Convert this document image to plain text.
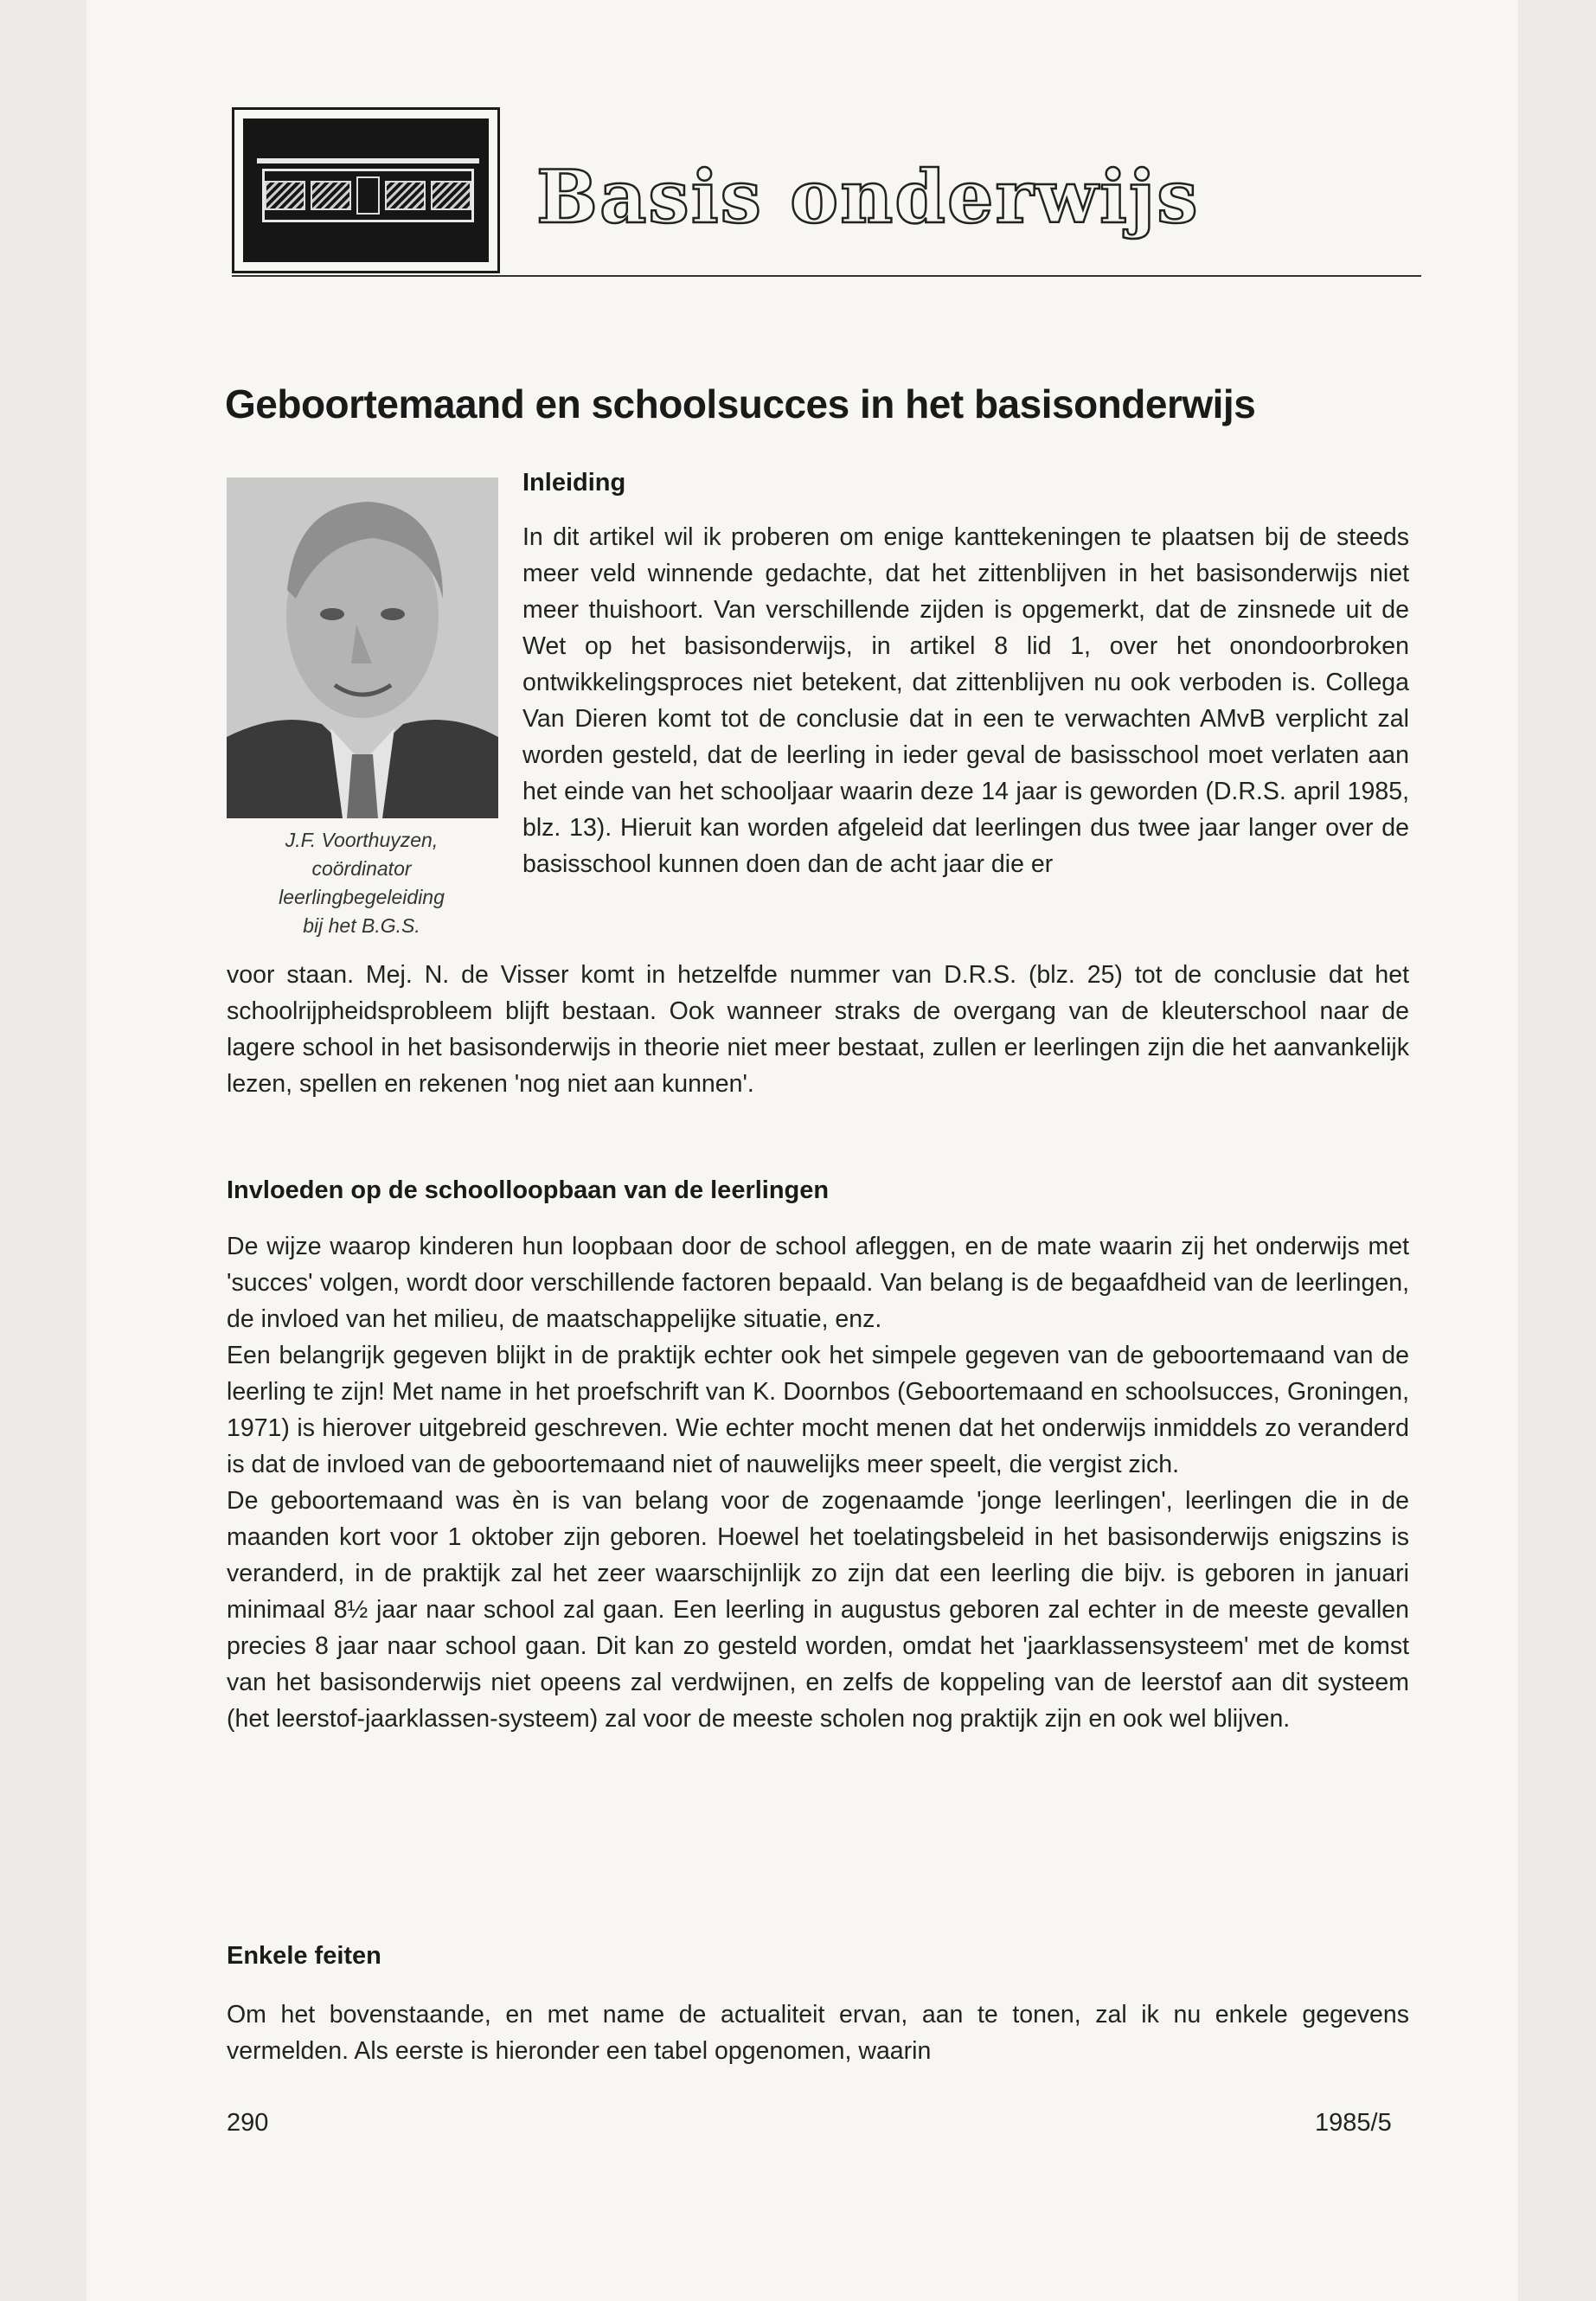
Basis onderwijs
Geboortemaand en schoolsucces in het basisonderwijs
J.F. Voorthuyzen,
coördinator
leerlingbegeleiding
bij het B.G.S.
Inleiding

In dit artikel wil ik proberen om enige kanttekeningen te plaatsen bij de steeds meer veld winnende gedachte, dat het zittenblijven in het basisonderwijs niet meer thuishoort. Van verschillende zijden is opgemerkt, dat de zinsnede uit de Wet op het basisonderwijs, in artikel 8 lid 1, over het onondoorbroken ontwikkelingsproces niet betekent, dat zittenblijven nu ook verboden is. Collega Van Dieren komt tot de conclusie dat in een te verwachten AMvB verplicht zal worden gesteld, dat de leerling in ieder geval de basisschool moet verlaten aan het einde van het schooljaar waarin deze 14 jaar is geworden (D.R.S. april 1985, blz. 13). Hieruit kan worden afgeleid dat leerlingen dus twee jaar langer over de basisschool kunnen doen dan de acht jaar die er

voor staan. Mej. N. de Visser komt in hetzelfde nummer van D.R.S. (blz. 25) tot de conclusie dat het schoolrijpheidsprobleem blijft bestaan. Ook wanneer straks de overgang van de kleuterschool naar de lagere school in het basisonderwijs in theorie niet meer bestaat, zullen er leerlingen zijn die het aanvankelijk lezen, spellen en rekenen 'nog niet aan kunnen'.

Invloeden op de schoolloopbaan van de leerlingen

De wijze waarop kinderen hun loopbaan door de school afleggen, en de mate waarin zij het onderwijs met 'succes' volgen, wordt door verschillende factoren bepaald. Van belang is de begaafdheid van de leerlingen, de invloed van het milieu, de maatschappelijke situatie, enz.

Een belangrijk gegeven blijkt in de praktijk echter ook het simpele gegeven van de geboortemaand van de leerling te zijn! Met name in het proefschrift van K. Doornbos (Geboortemaand en schoolsucces, Groningen, 1971) is hierover uitgebreid geschreven. Wie echter mocht menen dat het onderwijs inmiddels zo veranderd is dat de invloed van de geboortemaand niet of nauwelijks meer speelt, die vergist zich.

De geboortemaand was èn is van belang voor de zogenaamde 'jonge leerlingen', leerlingen die in de maanden kort voor 1 oktober zijn geboren. Hoewel het toelatingsbeleid in het basisonderwijs enigszins is veranderd, in de praktijk zal het zeer waarschijnlijk zo zijn dat een leerling die bijv. is geboren in januari minimaal 8½ jaar naar school zal gaan. Een leerling in augustus geboren zal echter in de meeste gevallen precies 8 jaar naar school gaan. Dit kan zo gesteld worden, omdat het 'jaarklassensysteem' met de komst van het basisonderwijs niet opeens zal verdwijnen, en zelfs de koppeling van de leerstof aan dit systeem (het leerstof-jaarklassen-systeem) zal voor de meeste scholen nog praktijk zijn en ook wel blijven.

Enkele feiten

Om het bovenstaande, en met name de actualiteit ervan, aan te tonen, zal ik nu enkele gegevens vermelden. Als eerste is hieronder een tabel opgenomen, waarin

290	1985/5
